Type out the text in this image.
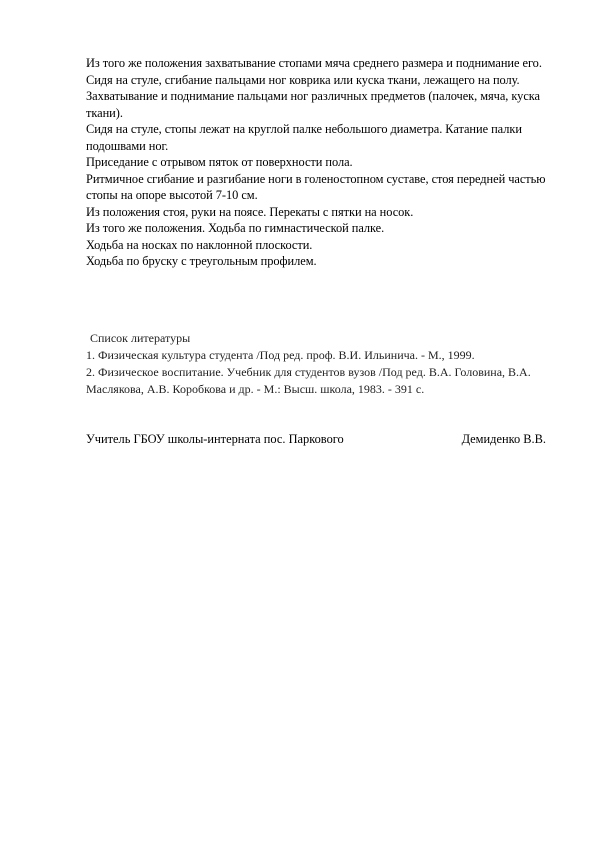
Из того же положения захватывание стопами мяча среднего размера и поднимание его.

Сидя на стуле, сгибание пальцами ног коврика или куска ткани, лежащего на полу.

Захватывание и поднимание пальцами ног различных предметов (палочек, мяча, куска ткани).

Сидя на стуле, стопы лежат на круглой палке небольшого диаметра. Катание палки подошвами ног.

Приседание с отрывом пяток от поверхности пола.

Ритмичное сгибание и разгибание ноги в голеностопном суставе, стоя передней частью стопы на опоре высотой 7-10 см.

Из положения стоя, руки на поясе. Перекаты с пятки на носок.

Из того же положения. Ходьба по гимнастической палке.

Ходьба на носках по наклонной плоскости.

Ходьба по бруску с треугольным профилем.

Список литературы

1. Физическая культура студента /Под ред. проф. В.И. Ильинича. - М., 1999.

2. Физическое воспитание. Учебник для студентов вузов /Под ред. В.А. Головина, В.А. Маслякова, А.В. Коробкова и др. - М.: Высш. школа, 1983. - 391 с.

Учитель ГБОУ школы-интерната пос. Паркового	Демиденко В.В.
